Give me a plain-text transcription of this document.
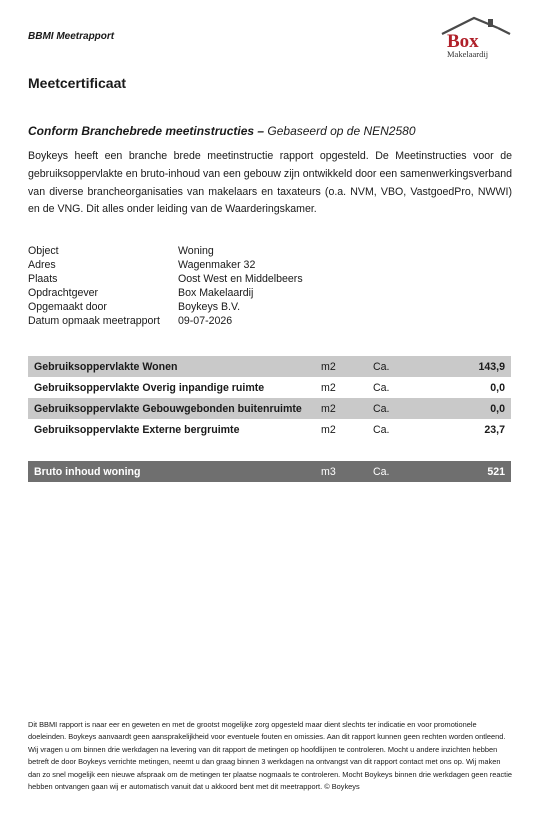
BBMI Meetrapport	Box
Makelaardij
Meetcertificaat
Conform Branchebrede meetinstructies – Gebaseerd op de NEN2580
Boykeys heeft een branche brede meetinstructie rapport opgesteld. De Meetinstructies voor de gebruiksoppervlakte en bruto-inhoud van een gebouw zijn ontwikkeld door een samenwerkingsverband van diverse brancheorganisaties van makelaars en taxateurs (o.a. NVM, VBO, VastgoedPro, NWWI) en de VNG. Dit alles onder leiding van de Waarderingskamer.
Object	Woning
Adres	Wagenmaker 32
Plaats	Oost West en Middelbeers
Opdrachtgever	Box Makelaardij
Opgemaakt door	Boykeys B.V.
Datum opmaak meetrapport	09-07-2026
Gebruiksoppervlakte Wonen	m2	Ca.	143,9
Gebruiksoppervlakte Overig inpandige ruimte	m2	Ca.	0,0
Gebruiksoppervlakte Gebouwgebonden buitenruimte	m2	Ca.	0,0
Gebruiksoppervlakte Externe bergruimte	m2	Ca.	23,7
Bruto inhoud woning	m3	Ca.	521
Dit BBMI rapport is naar eer en geweten en met de grootst mogelijke zorg opgesteld maar dient slechts ter indicatie en voor promotionele doeleinden. Boykeys aanvaardt geen aansprakelijkheid voor eventuele fouten en omissies. Aan dit rapport kunnen geen rechten worden ontleend. Wij vragen u om binnen drie werkdagen na levering van dit rapport de metingen op hoofdlijnen te controleren. Mocht u andere inzichten hebben betreft de door Boykeys verrichte metingen, neemt u dan graag binnen 3 werkdagen na ontvangst van dit rapport contact met ons op. Wij maken dan zo snel mogelijk een nieuwe afspraak om de metingen ter plaatse nogmaals te controleren. Mocht Boykeys binnen drie werkdagen geen reactie hebben ontvangen gaan wij er automatisch vanuit dat u akkoord bent met dit meetrapport. © Boykeys
